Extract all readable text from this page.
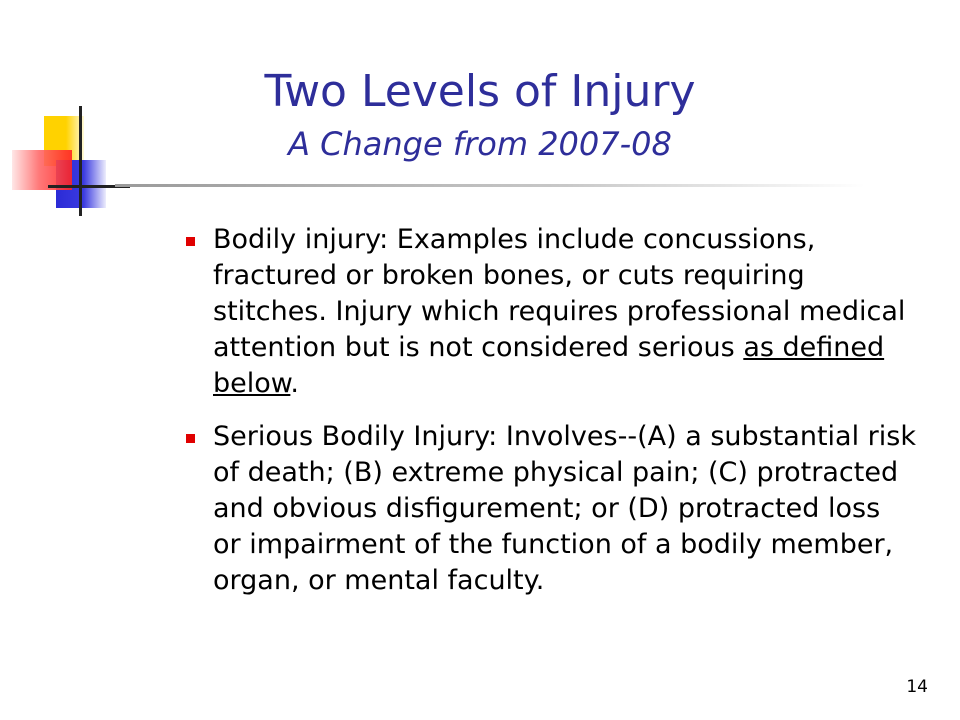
Two Levels of Injury
A Change from 2007-08
Bodily injury: Examples include concussions, fractured or broken bones, or cuts requiring stitches. Injury which requires professional medical attention but is not considered serious as defined below.
Serious Bodily Injury: Involves--(A) a substantial risk of death; (B) extreme physical pain; (C) protracted and obvious disfigurement; or (D) protracted loss or impairment of the function of a bodily member, organ, or mental faculty.
14
